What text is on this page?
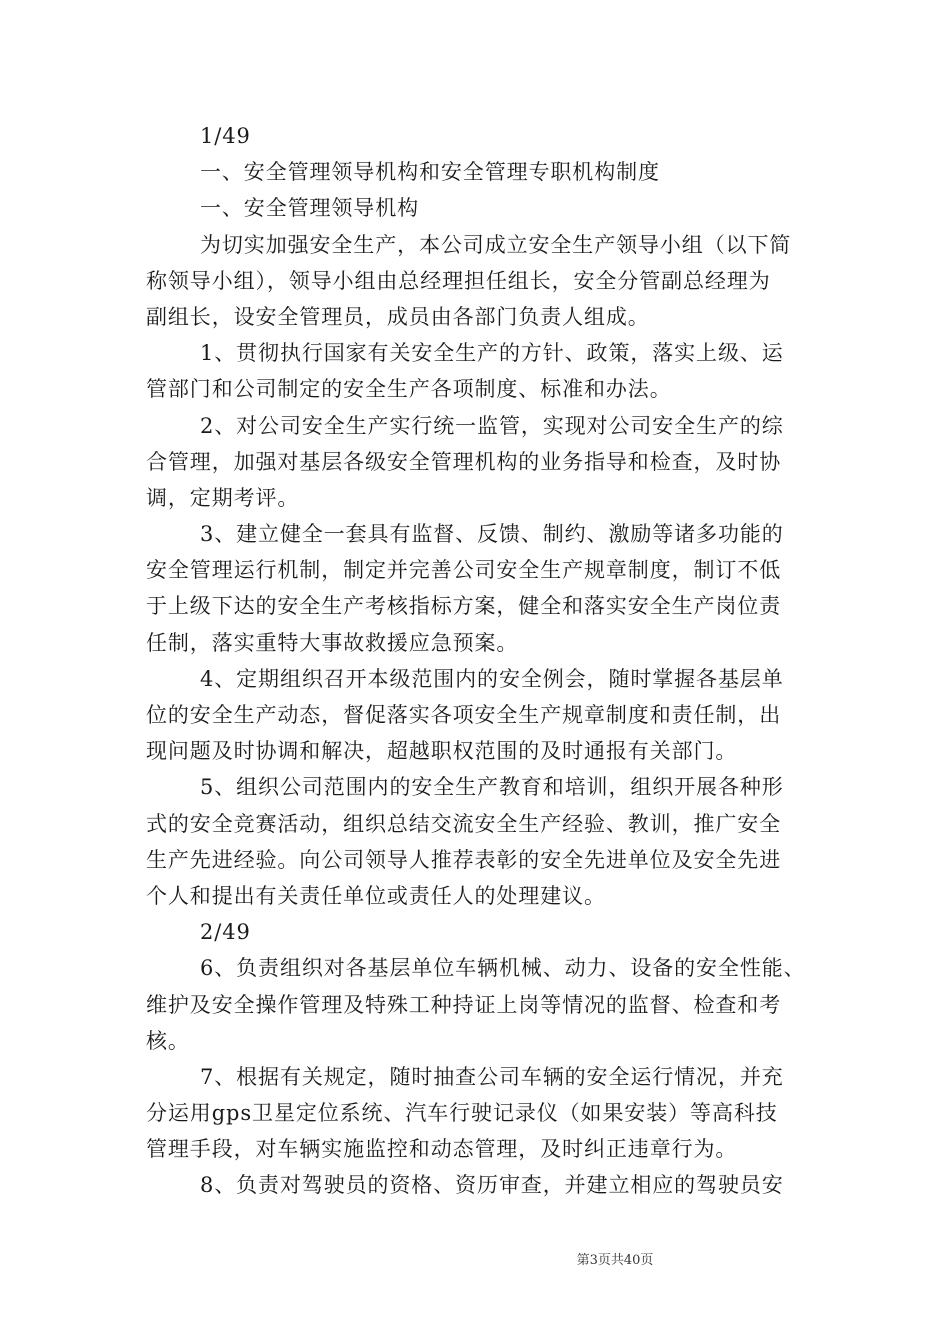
1/49
一、安全管理领导机构和安全管理专职机构制度
一、安全管理领导机构
为切实加强安全生产，本公司成立安全生产领导小组（以下简
称领导小组），领导小组由总经理担任组长，安全分管副总经理为
副组长，设安全管理员，成员由各部门负责人组成。
1、贯彻执行国家有关安全生产的方针、政策，落实上级、运
管部门和公司制定的安全生产各项制度、标准和办法。
2、对公司安全生产实行统一监管，实现对公司安全生产的综
合管理，加强对基层各级安全管理机构的业务指导和检查，及时协
调，定期考评。
3、建立健全一套具有监督、反馈、制约、激励等诸多功能的
安全管理运行机制，制定并完善公司安全生产规章制度，制订不低
于上级下达的安全生产考核指标方案，健全和落实安全生产岗位责
任制，落实重特大事故救援应急预案。
4、定期组织召开本级范围内的安全例会，随时掌握各基层单
位的安全生产动态，督促落实各项安全生产规章制度和责任制，出
现问题及时协调和解决，超越职权范围的及时通报有关部门。
5、组织公司范围内的安全生产教育和培训，组织开展各种形
式的安全竞赛活动，组织总结交流安全生产经验、教训，推广安全
生产先进经验。向公司领导人推荐表彰的安全先进单位及安全先进
个人和提出有关责任单位或责任人的处理建议。
2/49
6、负责组织对各基层单位车辆机械、动力、设备的安全性能、
维护及安全操作管理及特殊工种持证上岗等情况的监督、检查和考
核。
7、根据有关规定，随时抽查公司车辆的安全运行情况，并充
分运用gps卫星定位系统、汽车行驶记录仪（如果安装）等高科技
管理手段，对车辆实施监控和动态管理，及时纠正违章行为。
8、负责对驾驶员的资格、资历审查，并建立相应的驾驶员安
第3页共40页
